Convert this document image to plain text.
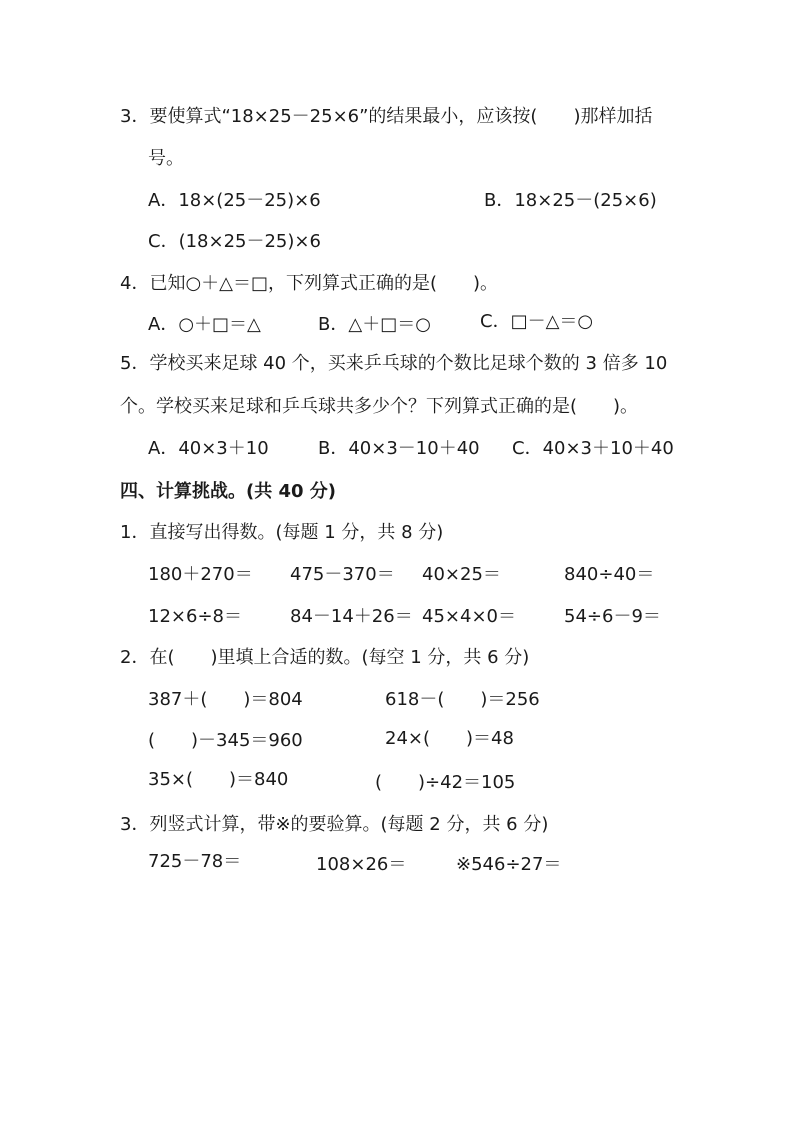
3．要使算式“18×25－25×6”的结果最小，应该按(　　)那样加括
号。
A．18×(25－25)×6	B．18×25－(25×6)
C．(18×25－25)×6
4．已知○＋△＝□，下列算式正确的是(　　)。
A．○＋□＝△	B．△＋□＝○	C．□－△＝○
5．学校买来足球 40 个，买来乒乓球的个数比足球个数的 3 倍多 10
个。学校买来足球和乒乓球共多少个？下列算式正确的是(　　)。
A．40×3＋10	B．40×3－10＋40 C．40×3＋10＋40
四、计算挑战。(共 40 分)
1．直接写出得数。(每题 1 分，共 8 分)
180＋270＝ 475－370＝ 40×25＝	840÷40＝
12×6÷8＝	84－14＋26＝ 45×4×0＝	54÷6－9＝
2．在(　　)里填上合适的数。(每空 1 分，共 6 分)
387＋(　　)＝804	618－(　　)＝256
(　　)－345＝960	24×(　　)＝48
35×(　　)＝840	(　　)÷42＝105
3．列竖式计算，带※的要验算。(每题 2 分，共 6 分)
725－78＝	108×26＝	※546÷27＝
